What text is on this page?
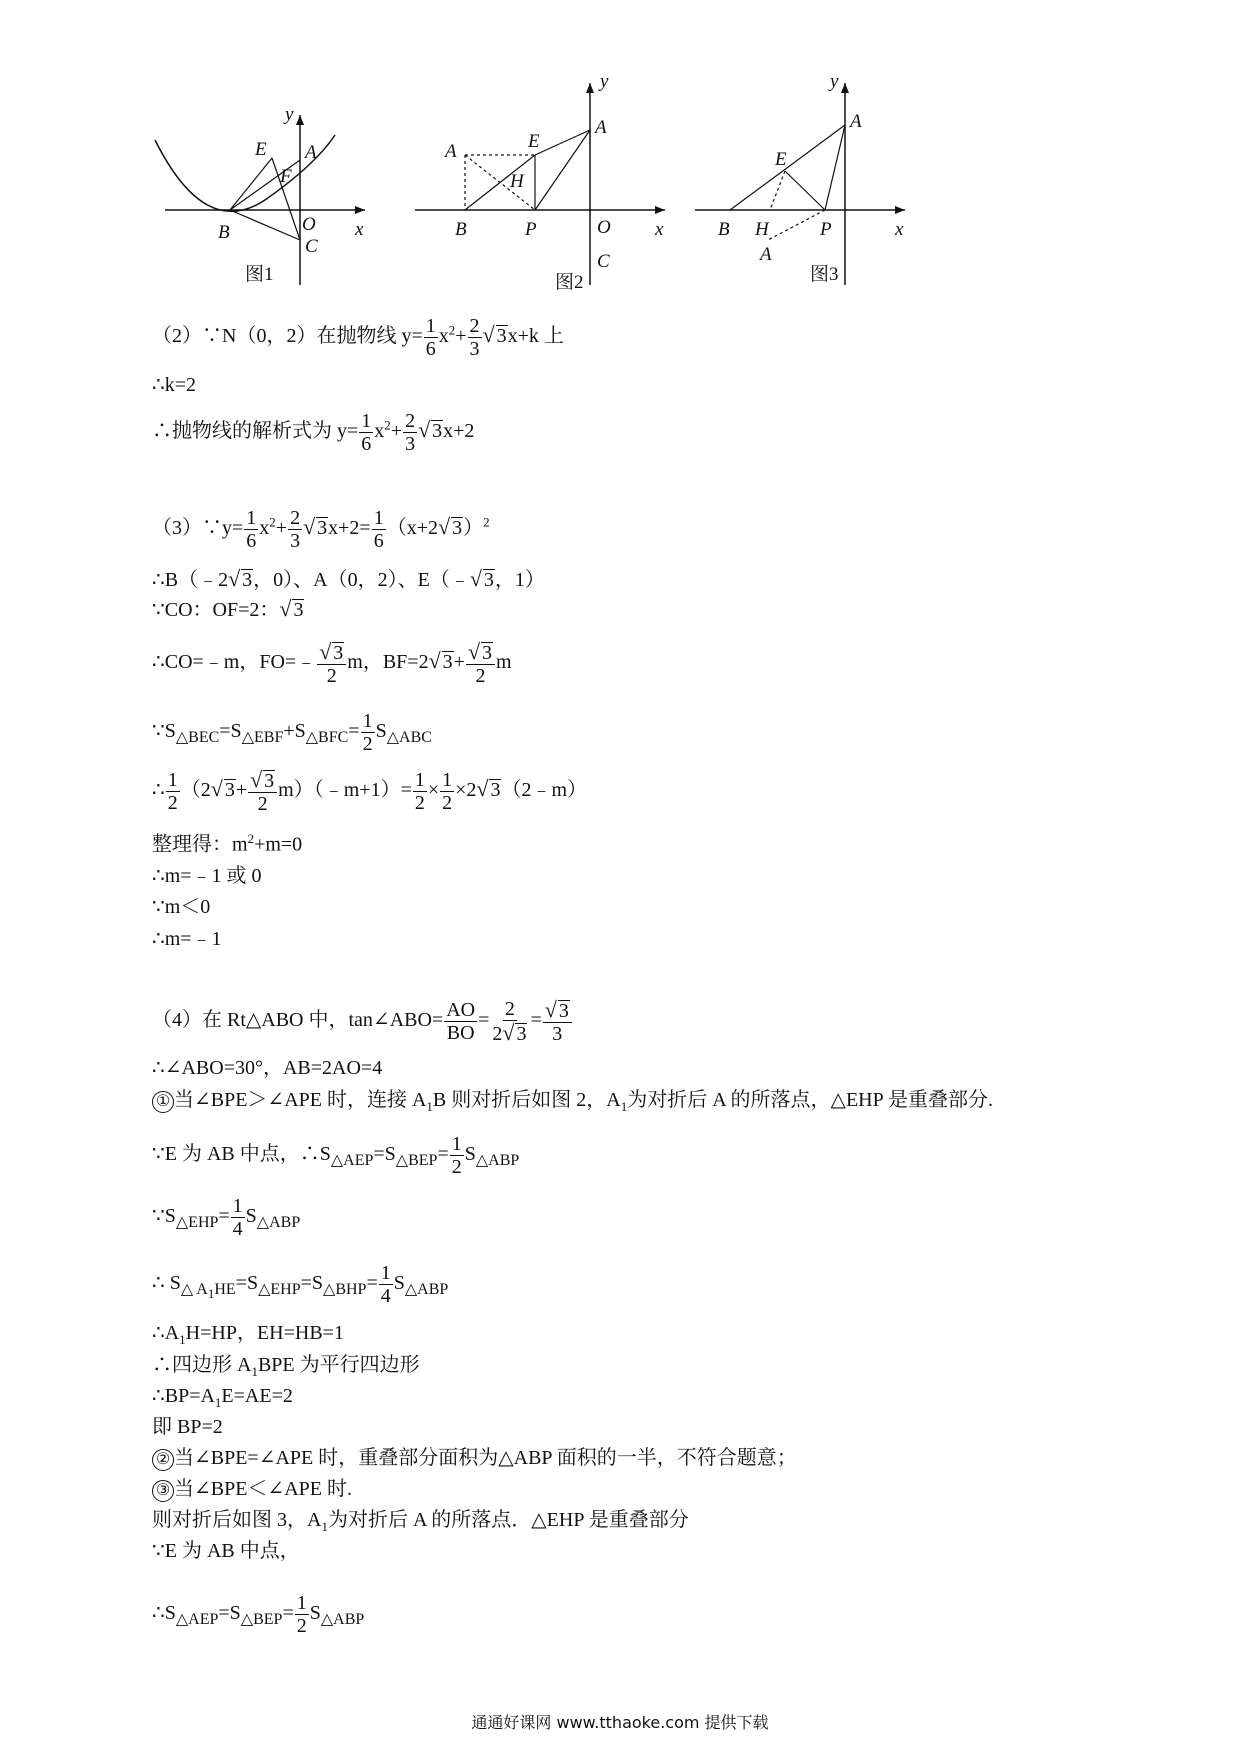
y
x
E A
F
B	O
C
图1
y
x
A
E
A
H
B	P	O
C
图2
y
x
A
E
B H	P
A
图3
（2）∵N（0，2）在抛物线 $y= \frac{1}{6} x^2+ \frac{2}{3}$ √ 3x+k 上
∴k=2
∴抛物线的解析式为 $y= \frac{1}{6} x^2+ \frac{2}{3}$ √ 3x+2
（3）∵y= $\frac{1}{6} x^2+ \frac{2}{3}$ √ $3x+2= \frac{1}{6} (x+2√$ 3）$^2$
∴B（﹣2√ 3，0）、A（0，2）、E（﹣√ 3，1）
∵CO：OF=2：√ 3
∴CO=﹣m，FO=﹣ $\frac{√ 3}{2}$ m，BF=2√ $3+ \frac{√ 3}{2}$ m
$\because S_{\triangle BEC}=S_{\triangle EBF}+S_{\triangle BFC}= \frac{1}{2} S_{\triangle ABC}$
∴ $\frac{1}{2} (2√$ $3+ \frac{√ 3}{2}$ m）（﹣m+1）= $\frac{1}{2} \times \frac{1}{2} \times 2√$ 3（2﹣m）
整理得：$m^2+m=0$
∴m=﹣1 或 0
∵m＜0
∴m=﹣1
（4）在 Rt△ABO 中，tan∠ABO= $\frac{AO}{BO} = \frac{2}{2√ 3} = \frac{√ 3}{3}$
∴∠ABO=30°，AB=2AO=4
① 当∠BPE＞∠APE 时，连接 $A_1B$ 则对折后如图 2，$A_1$为对折后 A 的所落点，△EHP 是重叠部分.
∵E 为 AB 中点，$\therefore S_{\triangle AEP}=S_{\triangle BEP}= \frac{1}{2} S_{\triangle ABP}$
$\because S_{\triangle EHP}= \frac{1}{4} S_{\triangle ABP}$
∴ $S_{\triangle A_1HE}=S_{\triangle EHP}=S_{\triangle BHP}= \frac{1}{4} S_{\triangle ABP}$
$\therefore A_1H=HP$，EH=HB=1
∴四边形 $A_1BPE$ 为平行四边形
$\therefore BP=A_1E=AE=2$
即 BP=2
② 当∠BPE=∠APE 时，重叠部分面积为△ABP 面积的一半，不符合题意；
③ 当∠BPE＜∠APE 时.
则对折后如图 3，$A_1$为对折后 A 的所落点．△EHP 是重叠部分
∵E 为 AB 中点，
$\therefore S_{\triangle AEP}=S_{\triangle BEP}= \frac{1}{2} S_{\triangle ABP}$
通通好课网 www.tthaoke.com 提供下载
